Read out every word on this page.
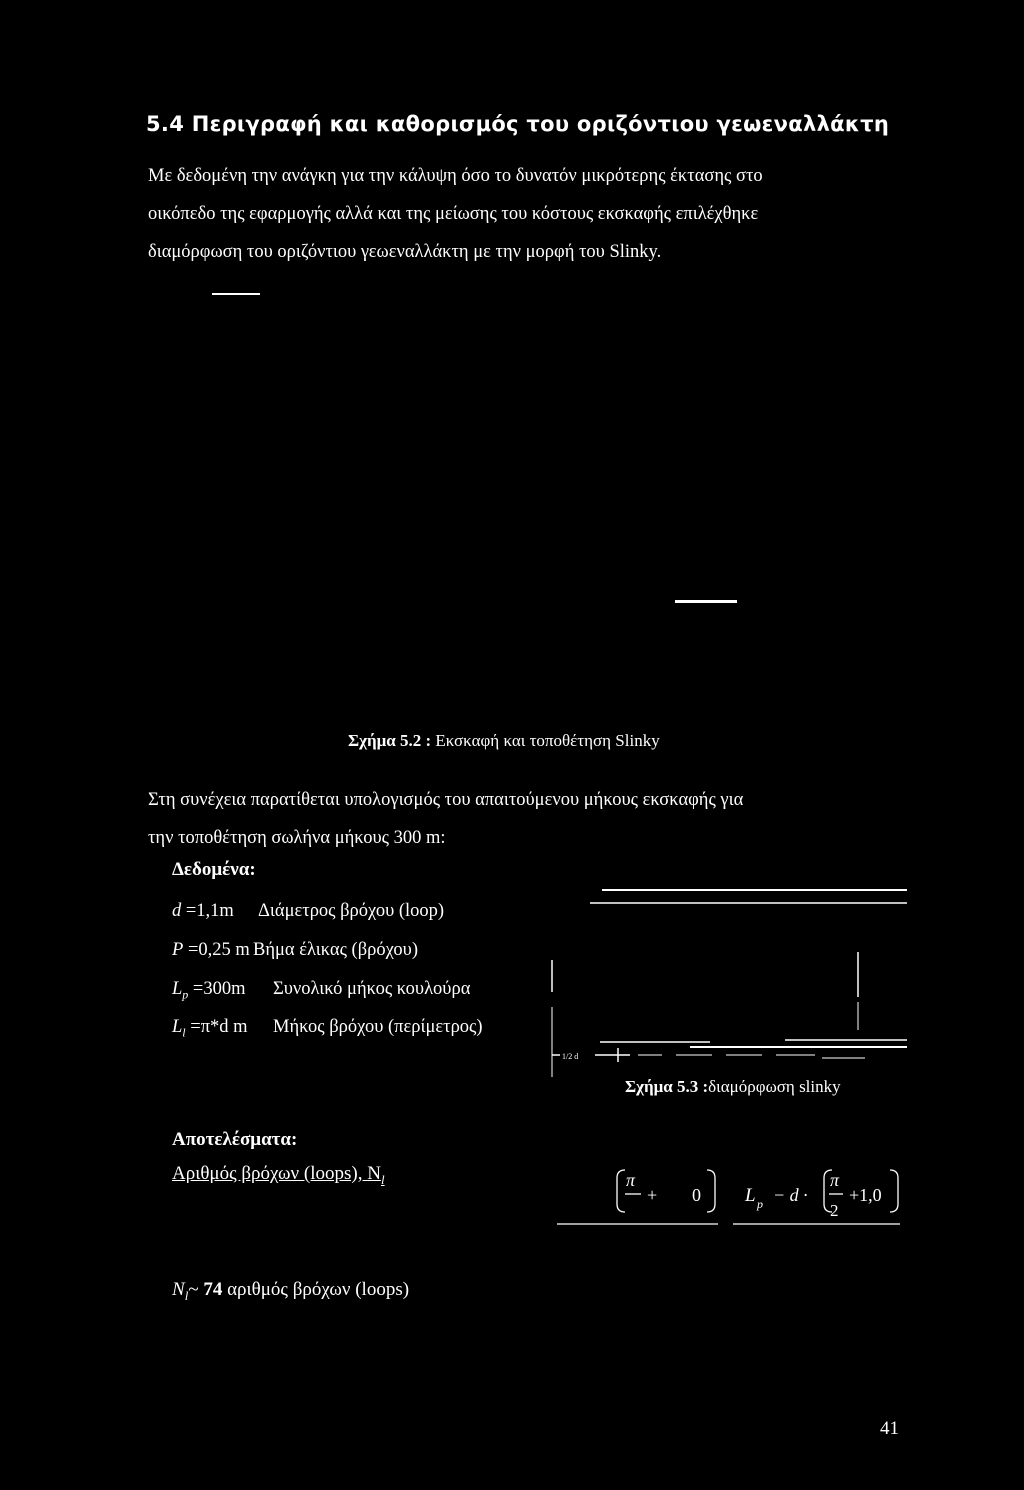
5.4 Περιγραφή και καθορισμός του οριζόντιου γεωεναλλάκτη
Με δεδομένη την ανάγκη για την κάλυψη όσο το δυνατόν μικρότερης έκτασης στο
οικόπεδο της εφαρμογής αλλά και της μείωσης του κόστους εκσκαφής επιλέχθηκε
διαμόρφωση του οριζόντιου γεωεναλλάκτη με την μορφή του Slinky.
Σχήμα 5.2 : Εκσκαφή και τοποθέτηση Slinky
Στη συνέχεια παρατίθεται υπολογισμός του απαιτούμενου μήκους εκσκαφής για
την τοποθέτηση σωλήνα μήκους 300 m:
Δεδομένα:
d =1,1m Διάμετρος βρόχου (loop)
P =0,25 m Βήμα έλικας (βρόχου)
$L_p =300m$ Συνολικό μήκος κουλούρα
$L_l =\pi*d$ m Μήκος βρόχου (περίμετρος)
1/2 d
Σχήμα 5.3 :διαμόρφωση slinky
Αποτελέσματα:
Αριθμός βρόχων (loops), $N_l$	π
+ 0 L p − d ·
π
2
+1,0
$N_l\sim$ 74 αριθμός βρόχων (loops)
41
